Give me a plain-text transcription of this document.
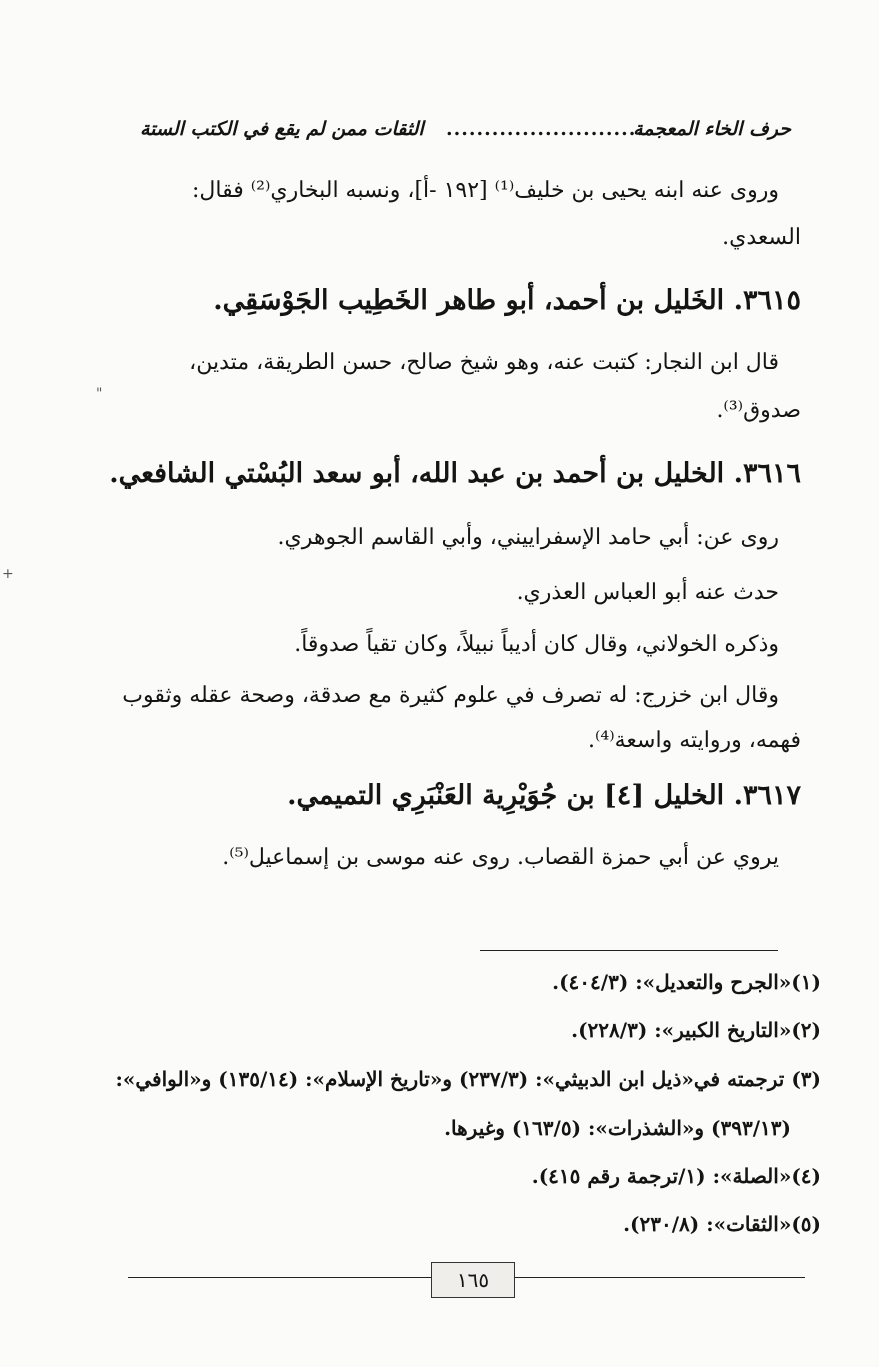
حرف الخاء المعجمة
..........................
الثقات ممن لم يقع في الكتب الستة
وروى عنه ابنه يحيى بن خليف⁽¹⁾ [١٩٢ -أ]، ونسبه البخاري⁽²⁾ فقال:
السعدي.
٣٦١٥. الخَليل بن أحمد، أبو طاهر الخَطِيب الجَوْسَقِي.
قال ابن النجار: كتبت عنه، وهو شيخ صالح، حسن الطريقة، متدين،
صدوق⁽³⁾.
٣٦١٦. الخليل بن أحمد بن عبد الله، أبو سعد البُسْتي الشافعي.
روى عن: أبي حامد الإسفراييني، وأبي القاسم الجوهري.
حدث عنه أبو العباس العذري.
وذكره الخولاني، وقال كان أديباً نبيلاً، وكان تقياً صدوقاً.
وقال ابن خزرج: له تصرف في علوم كثيرة مع صدقة، وصحة عقله وثقوب
فهمه، وروايته واسعة⁽⁴⁾.
٣٦١٧. الخليل [٤] بن جُوَيْرِية العَنْبَرِي التميمي.
يروي عن أبي حمزة القصاب. روى عنه موسى بن إسماعيل⁽⁵⁾.
(١)«الجرح والتعديل»: (٤٠٤/٣).
(٢)«التاريخ الكبير»: (٢٢٨/٣).
(٣) ترجمته في«ذيل ابن الدبيثي»: (٢٣٧/٣) و«تاريخ الإسلام»: (١٣٥/١٤) و«الوافي»:
(٣٩٣/١٣) و«الشذرات»: (١٦٣/٥) وغيرها.
(٤)«الصلة»: (١/ترجمة رقم ٤١٥).
(٥)«الثقات»: (٢٣٠/٨).
١٦٥
"
+
